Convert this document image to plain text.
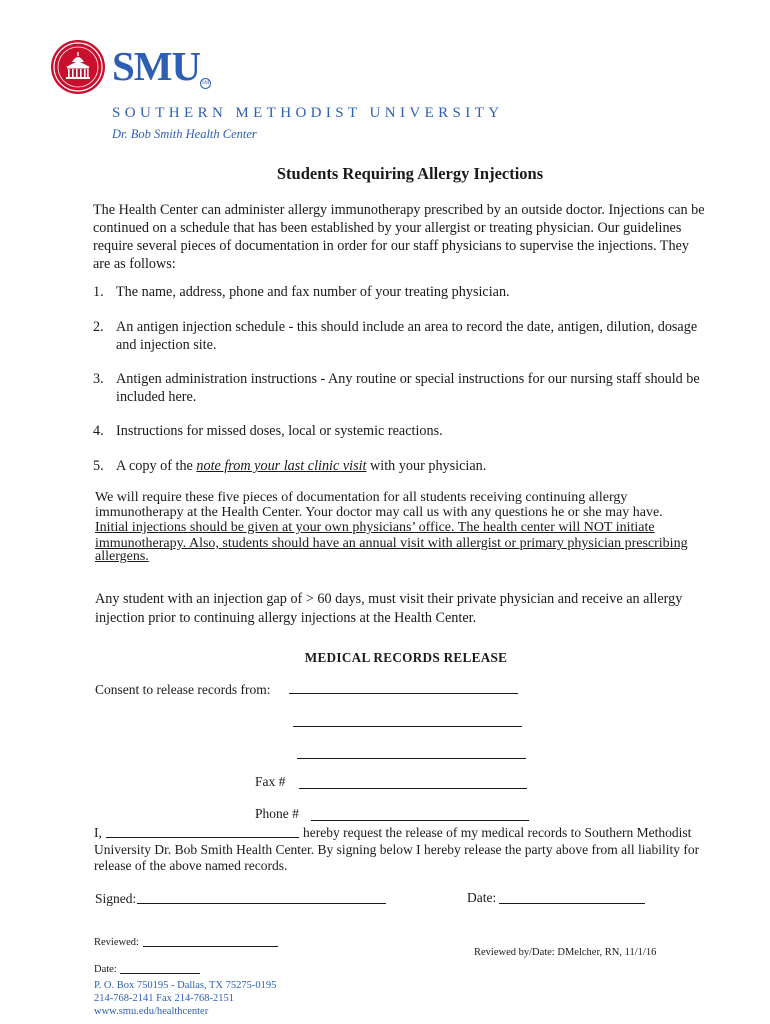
SMU SM
SOUTHERN METHODIST UNIVERSITY
Dr. Bob Smith Health Center
Students Requiring Allergy Injections
The Health Center can administer allergy immunotherapy prescribed by an outside doctor. Injections can be
continued on a schedule that has been established by your allergist or treating physician. Our guidelines
require several pieces of documentation in order for our staff physicians to supervise the injections. They
are as follows:
1. The name, address, phone and fax number of your treating physician.
2. An antigen injection schedule - this should include an area to record the date, antigen, dilution, dosage
and injection site.
3. Antigen administration instructions - Any routine or special instructions for our nursing staff should be
included here.
4. Instructions for missed doses, local or systemic reactions.
5. A copy of the note from your last clinic visit with your physician.
We will require these five pieces of documentation for all students receiving continuing allergy
immunotherapy at the Health Center. Your doctor may call us with any questions he or she may have.
Initial injections should be given at your own physicians’ office. The health center will NOT initiate
immunotherapy. Also, students should have an annual visit with allergist or primary physician prescribing
allergens.
Any student with an injection gap of > 60 days, must visit their private physician and receive an allergy
injection prior to continuing allergy injections at the Health Center.
MEDICAL RECORDS RELEASE
Consent to release records from:
Fax #
Phone #
I,	hereby request the release of my medical records to Southern Methodist
University Dr. Bob Smith Health Center. By signing below I hereby release the party above from all liability for
release of the above named records.
Signed:	Date:
Reviewed:
Reviewed by/Date: DMelcher, RN, 11/1/16
Date:
P. O. Box 750195 - Dallas, TX 75275-0195
214-768-2141 Fax 214-768-2151
www.smu.edu/healthcenter
